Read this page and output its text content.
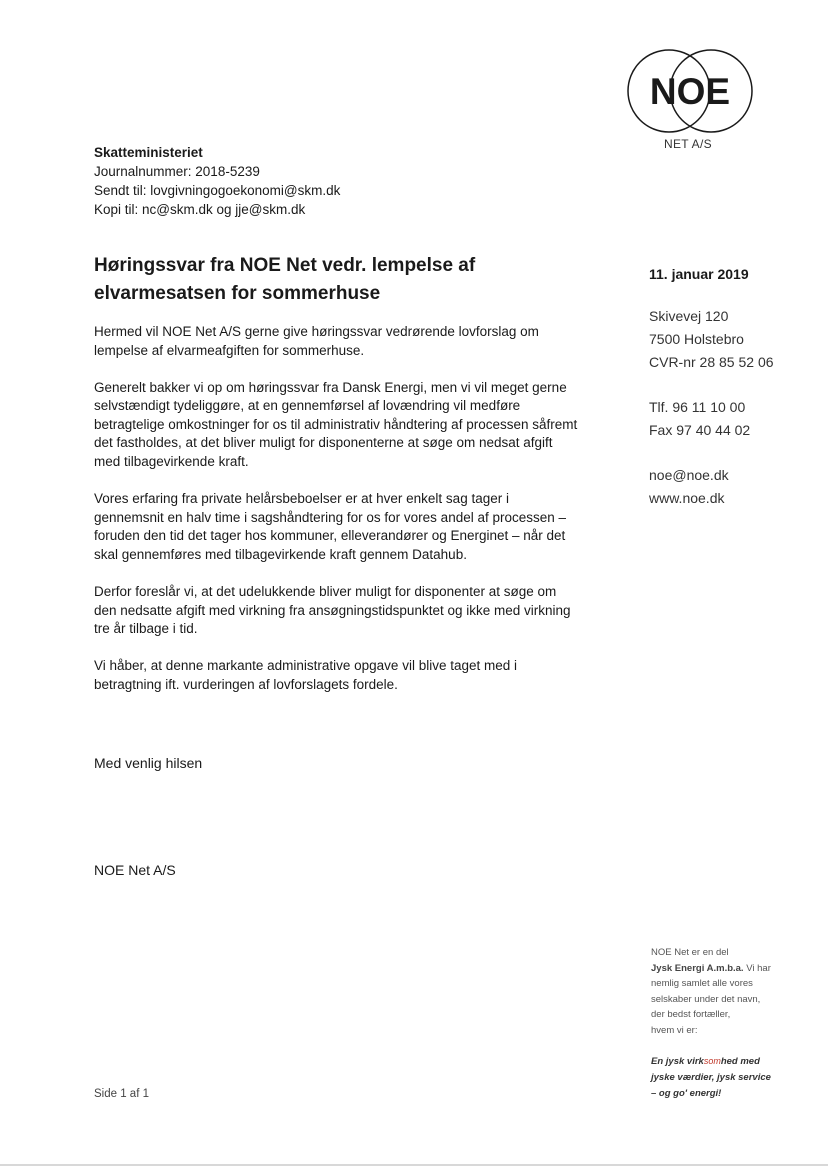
NOE
NET A/S
Skatteministeriet
Journalnummer: 2018-5239
Sendt til: lovgivningogoekonomi@skm.dk
Kopi til: nc@skm.dk og jje@skm.dk
Høringssvar fra NOE Net vedr. lempelse af elvarmesatsen for sommerhuse
11. januar 2019
Skivevej 120
7500 Holstebro
CVR-nr 28 85 52 06
Tlf. 96 11 10 00
Fax 97 40 44 02
noe@noe.dk
www.noe.dk

Hermed vil NOE Net A/S gerne give høringssvar vedrørende lovforslag om lempelse af elvarmeafgiften for sommerhuse.

Generelt bakker vi op om høringssvar fra Dansk Energi, men vi vil meget gerne selvstændigt tydeliggøre, at en gennemførsel af lovændring vil medføre betragtelige omkostninger for os til administrativ håndtering af processen såfremt det fastholdes, at det bliver muligt for disponenterne at søge om nedsat afgift med tilbagevirkende kraft.

Vores erfaring fra private helårsbeboelser er at hver enkelt sag tager i gennemsnit en halv time i sagshåndtering for os for vores andel af processen – foruden den tid det tager hos kommuner, elleverandører og Energinet – når det skal gennemføres med tilbagevirkende kraft gennem Datahub.

Derfor foreslår vi, at det udelukkende bliver muligt for disponenter at søge om den nedsatte afgift med virkning fra ansøgningstidspunktet og ikke med virkning tre år tilbage i tid.

Vi håber, at denne markante administrative opgave vil blive taget med i betragtning ift. vurderingen af lovforslagets fordele.

Med venlig hilsen
NOE Net A/S
NOE Net er en del
Jysk Energi A.m.b.a. Vi har
nemlig samlet alle vores
selskaber under det navn,
der bedst fortæller,
hvem vi er:
En jysk virksomhed med
jyske værdier, jysk service
– og go' energi!
Side 1 af 1
